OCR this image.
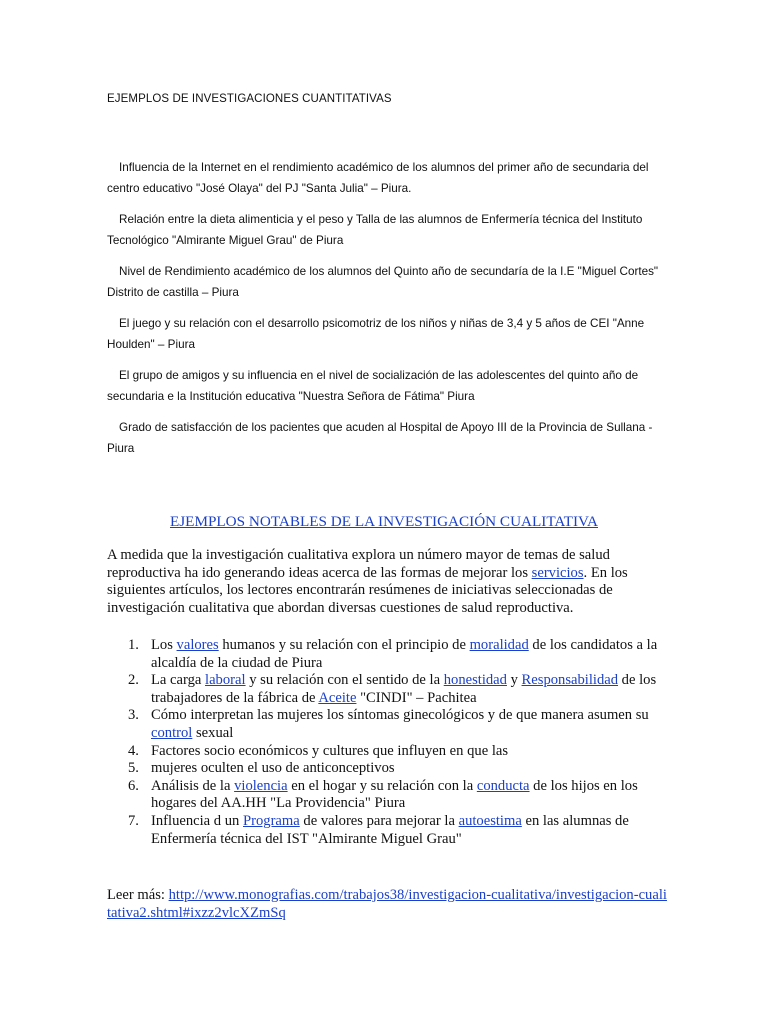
EJEMPLOS DE INVESTIGACIONES CUANTITATIVAS
Influencia de la Internet en el rendimiento académico de los alumnos del primer año de secundaria del centro educativo "José Olaya" del PJ "Santa Julia" – Piura.
Relación entre la dieta alimenticia y el peso y Talla de las alumnos de Enfermería técnica del Instituto Tecnológico "Almirante Miguel Grau" de Piura
Nivel de Rendimiento académico de los alumnos del Quinto año de secundaría de la I.E "Miguel Cortes" Distrito de castilla – Piura
El juego y su relación con el desarrollo psicomotriz de los niños y niñas de 3,4 y 5 años de CEI "Anne Houlden" – Piura
El grupo de amigos y su influencia en el nivel de socialización de las adolescentes del quinto año de secundaria e la Institución educativa "Nuestra Señora de Fátima" Piura
Grado de satisfacción de los pacientes que acuden al Hospital de Apoyo III de la Provincia de Sullana - Piura
EJEMPLOS NOTABLES DE LA INVESTIGACIÓN CUALITATIVA

A medida que la investigación cualitativa explora un número mayor de temas de salud reproductiva ha ido generando ideas acerca de las formas de mejorar los servicios. En los siguientes artículos, los lectores encontrarán resúmenes de iniciativas seleccionadas de investigación cualitativa que abordan diversas cuestiones de salud reproductiva.

1. Los valores humanos y su relación con el principio de moralidad de los candidatos a la alcaldía de la ciudad de Piura
2. La carga laboral y su relación con el sentido de la honestidad y Responsabilidad de los trabajadores de la fábrica de Aceite "CINDI" – Pachitea
3. Cómo interpretan las mujeres los síntomas ginecológicos y de que manera asumen su control sexual
4. Factores socio económicos y cultures que influyen en que las
5. mujeres oculten el uso de anticonceptivos
6. Análisis de la violencia en el hogar y su relación con la conducta de los hijos en los hogares del AA.HH "La Providencia" Piura
7. Influencia d un Programa de valores para mejorar la autoestima en las alumnas de Enfermería técnica del IST "Almirante Miguel Grau"

Leer más: http://www.monografias.com/trabajos38/investigacion-cualitativa/investigacion-cualitativa2.shtml#ixzz2vlcXZmSq
